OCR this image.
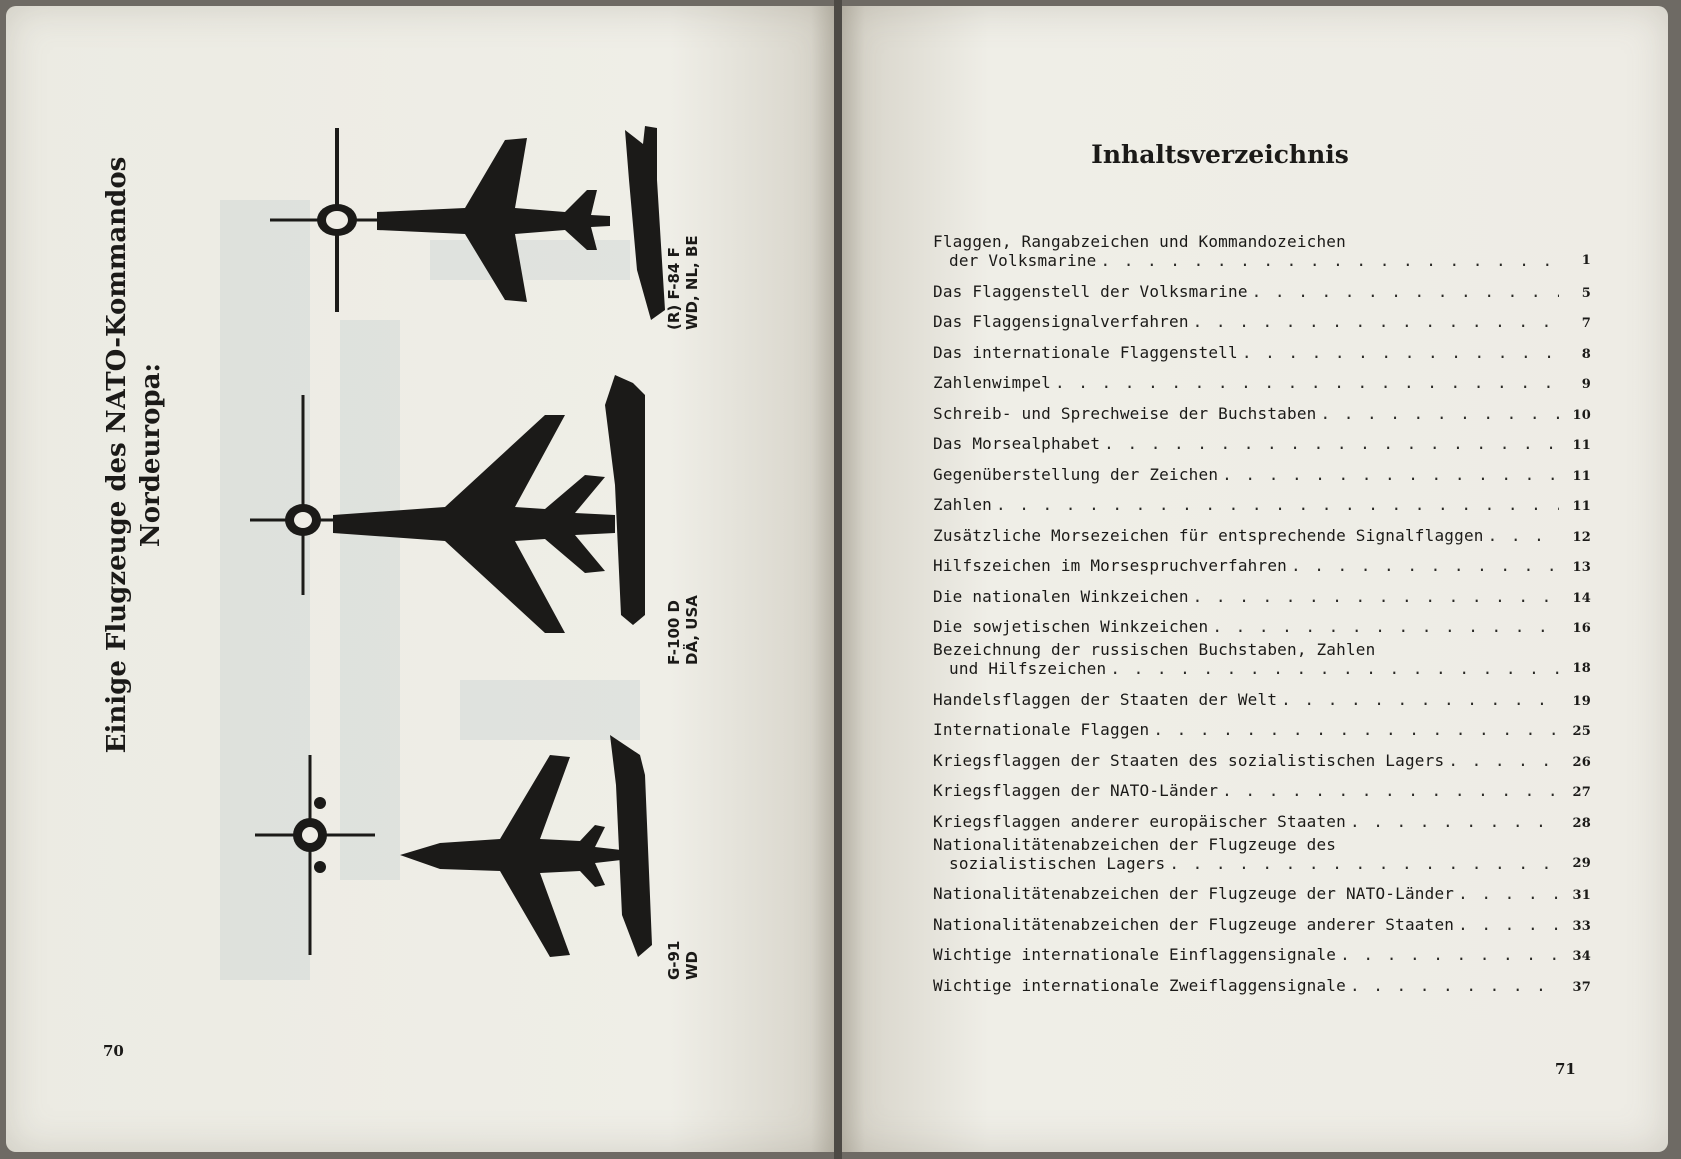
Einige Flugzeuge des NATO-Kommandos Nordeuropa:
(R) F-84 F WD, NL, BE
F-100 D DÄ, USA
G-91 WD
70
Inhaltsverzeichnis
Flaggen, Rangabzeichen und Kommandozeichen
der Volksmarine . . .	1
Das Flaggenstell der Volksmarine . . .	5
Das Flaggensignalverfahren . . .	7
Das internationale Flaggenstell . . .	8
Zahlenwimpel . . .	9
Schreib- und Sprechweise der Buchstaben . . .	10
Das Morsealphabet . . .	11
Gegenüberstellung der Zeichen . . .	11
Zahlen . . .	11
Zusätzliche Morsezeichen für entsprechende Signalflaggen . . .	12
Hilfszeichen im Morsespruchverfahren . . .	13
Die nationalen Winkzeichen . . .	14
Die sowjetischen Winkzeichen . . .	16
Bezeichnung der russischen Buchstaben, Zahlen
und Hilfszeichen . . .	18
Handelsflaggen der Staaten der Welt . . .	19
Internationale Flaggen . . .	25
Kriegsflaggen der Staaten des sozialistischen Lagers . . .	26
Kriegsflaggen der NATO-Länder . . .	27
Kriegsflaggen anderer europäischer Staaten . . .	28
Nationalitätenabzeichen der Flugzeuge des
sozialistischen Lagers . . .	29
Nationalitätenabzeichen der Flugzeuge der NATO-Länder . . .	31
Nationalitätenabzeichen der Flugzeuge anderer Staaten . . .	33
Wichtige internationale Einflaggensignale . . .	34
Wichtige internationale Zweiflaggensignale . . .	37
71
